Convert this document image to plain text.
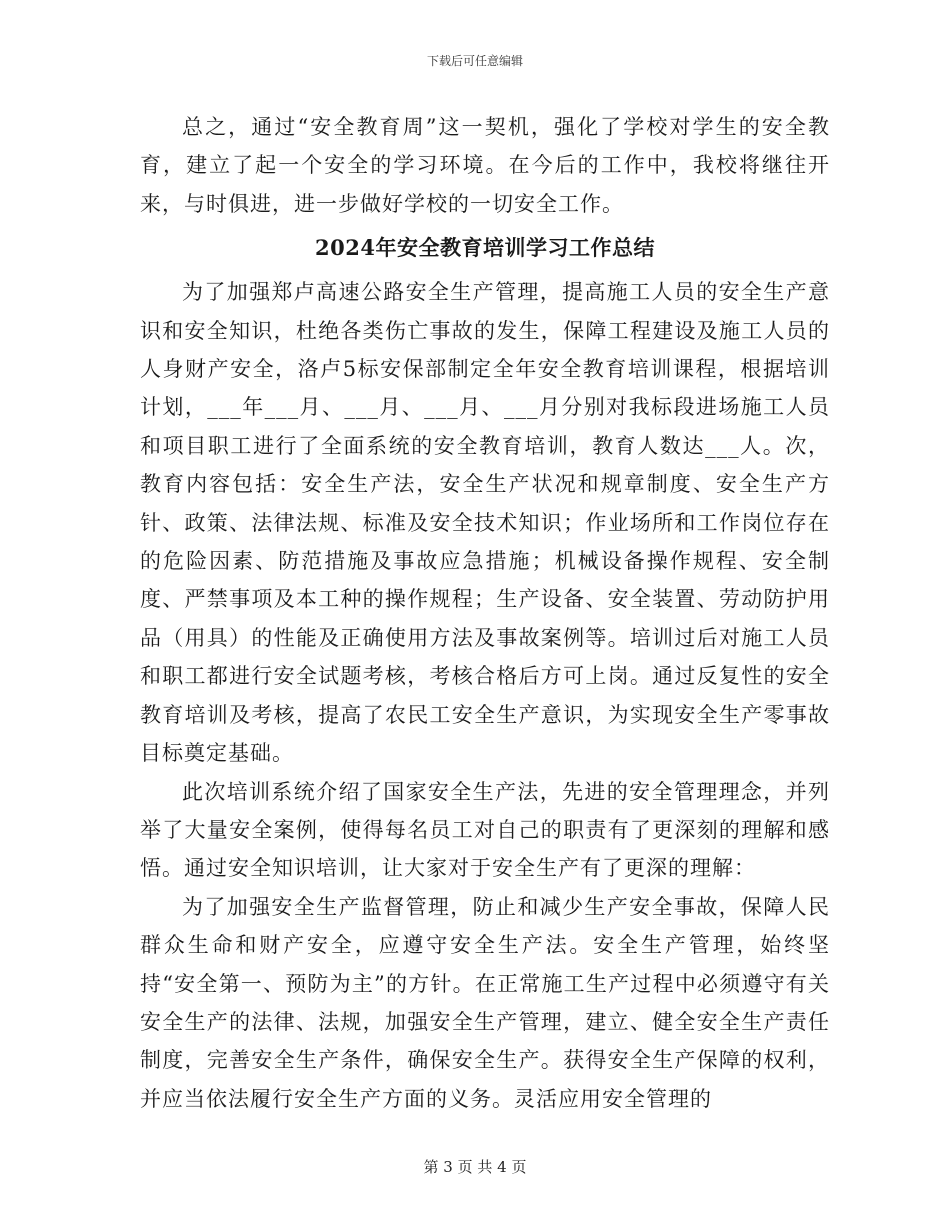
下载后可任意编辑

总之，通过“安全教育周”这一契机，强化了学校对学生的安全教育，建立了起一个安全的学习环境。在今后的工作中，我校将继往开来，与时俱进，进一步做好学校的一切安全工作。

2024年安全教育培训学习工作总结

为了加强郑卢高速公路安全生产管理，提高施工人员的安全生产意识和安全知识，杜绝各类伤亡事故的发生，保障工程建设及施工人员的人身财产安全，洛卢5标安保部制定全年安全教育培训课程，根据培训计划，___年___月、___月、___月、___月分别对我标段进场施工人员和项目职工进行了全面系统的安全教育培训，教育人数达___人。次，教育内容包括：安全生产法，安全生产状况和规章制度、安全生产方针、政策、法律法规、标准及安全技术知识；作业场所和工作岗位存在的危险因素、防范措施及事故应急措施；机械设备操作规程、安全制度、严禁事项及本工种的操作规程；生产设备、安全装置、劳动防护用品（用具）的性能及正确使用方法及事故案例等。培训过后对施工人员和职工都进行安全试题考核，考核合格后方可上岗。通过反复性的安全教育培训及考核，提高了农民工安全生产意识，为实现安全生产零事故目标奠定基础。

此次培训系统介绍了国家安全生产法，先进的安全管理理念，并列举了大量安全案例，使得每名员工对自己的职责有了更深刻的理解和感悟。通过安全知识培训，让大家对于安全生产有了更深的理解：

为了加强安全生产监督管理，防止和减少生产安全事故，保障人民群众生命和财产安全，应遵守安全生产法。安全生产管理，始终坚持“安全第一、预防为主”的方针。在正常施工生产过程中必须遵守有关安全生产的法律、法规，加强安全生产管理，建立、健全安全生产责任制度，完善安全生产条件，确保安全生产。获得安全生产保障的权利，并应当依法履行安全生产方面的义务。灵活应用安全管理的

第 3 页 共 4 页
